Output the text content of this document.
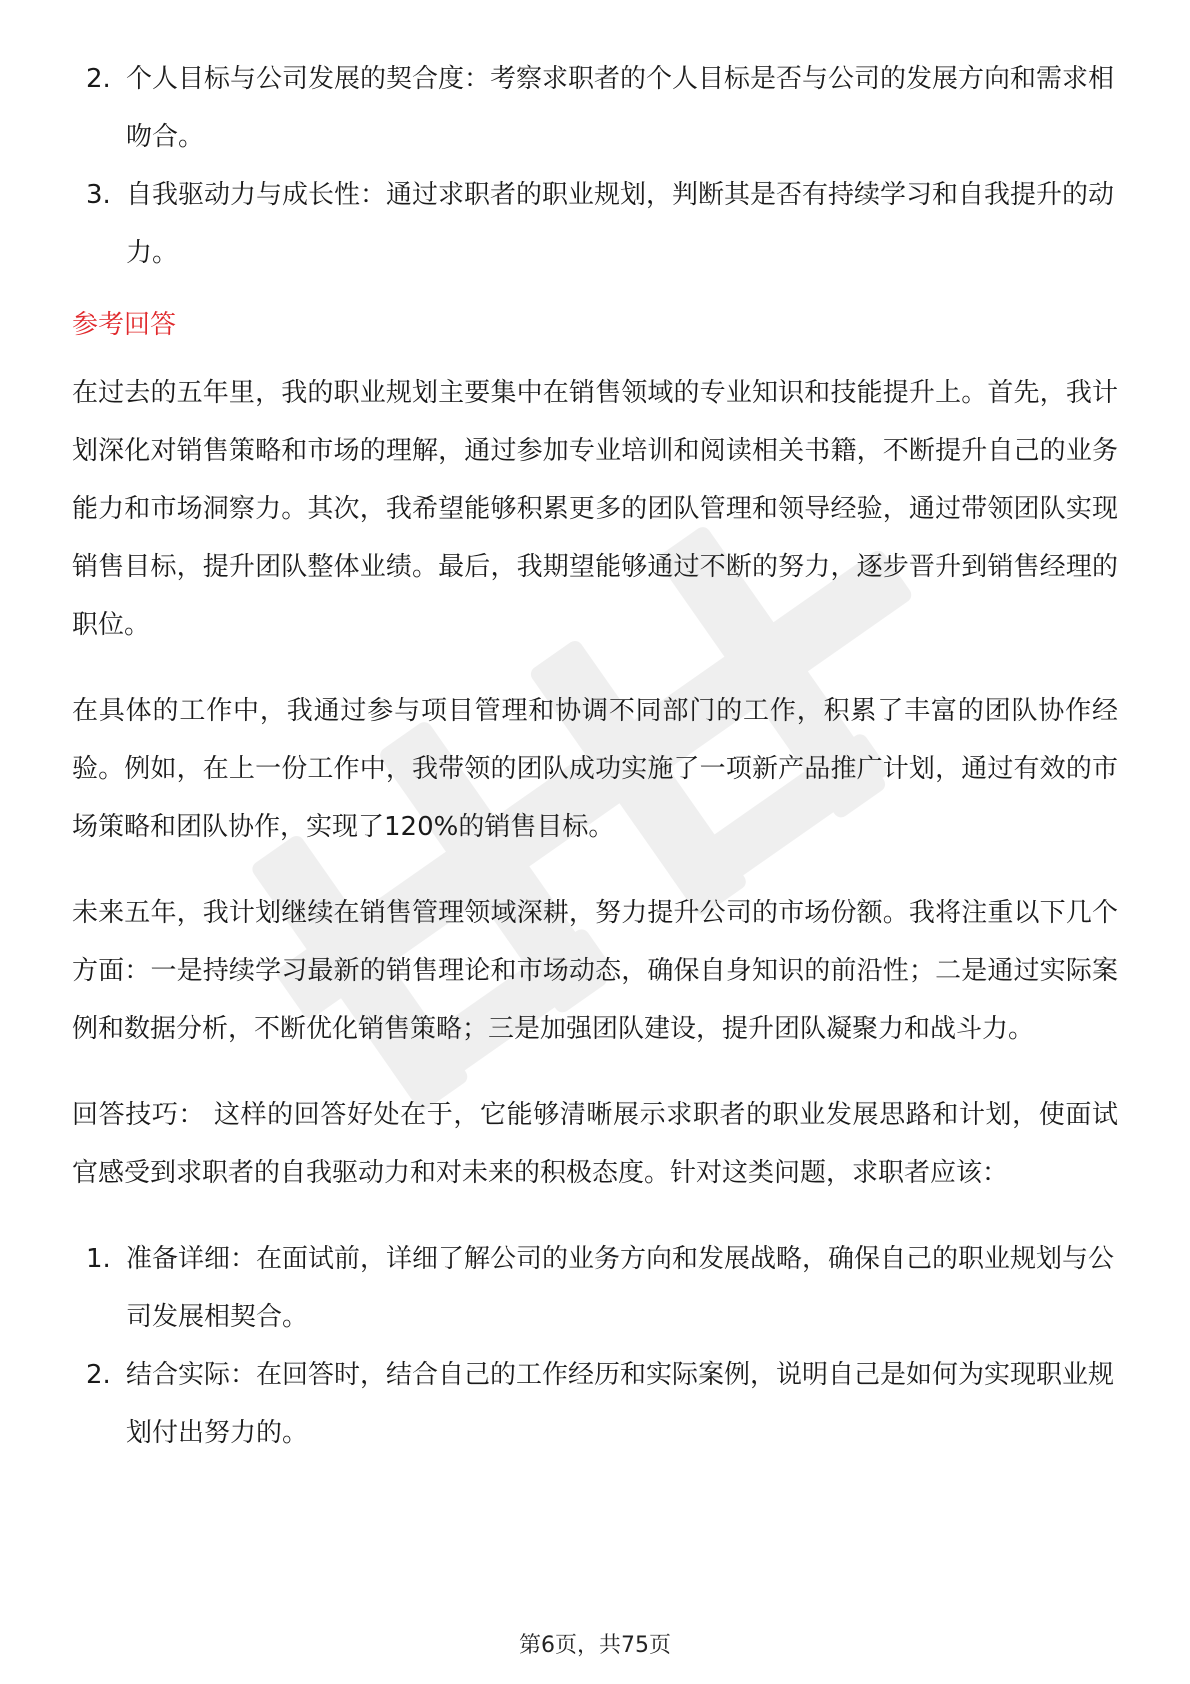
2. 个人目标与公司发展的契合度：考察求职者的个人目标是否与公司的发展方向和需求相吻合。
3. 自我驱动力与成长性：通过求职者的职业规划，判断其是否有持续学习和自我提升的动力。
参考回答

在过去的五年里，我的职业规划主要集中在销售领域的专业知识和技能提升上。首先，我计划深化对销售策略和市场的理解，通过参加专业培训和阅读相关书籍，不断提升自己的业务能力和市场洞察力。其次，我希望能够积累更多的团队管理和领导经验，通过带领团队实现销售目标，提升团队整体业绩。最后，我期望能够通过不断的努力，逐步晋升到销售经理的职位。

在具体的工作中，我通过参与项目管理和协调不同部门的工作，积累了丰富的团队协作经验。例如，在上一份工作中，我带领的团队成功实施了一项新产品推广计划，通过有效的市场策略和团队协作，实现了120%的销售目标。

未来五年，我计划继续在销售管理领域深耕，努力提升公司的市场份额。我将注重以下几个方面：一是持续学习最新的销售理论和市场动态，确保自身知识的前沿性；二是通过实际案例和数据分析，不断优化销售策略；三是加强团队建设，提升团队凝聚力和战斗力。

回答技巧： 这样的回答好处在于，它能够清晰展示求职者的职业发展思路和计划，使面试官感受到求职者的自我驱动力和对未来的积极态度。针对这类问题，求职者应该：

1. 准备详细：在面试前，详细了解公司的业务方向和发展战略，确保自己的职业规划与公司发展相契合。
2. 结合实际：在回答时，结合自己的工作经历和实际案例，说明自己是如何为实现职业规划付出努力的。
第6页，共75页
